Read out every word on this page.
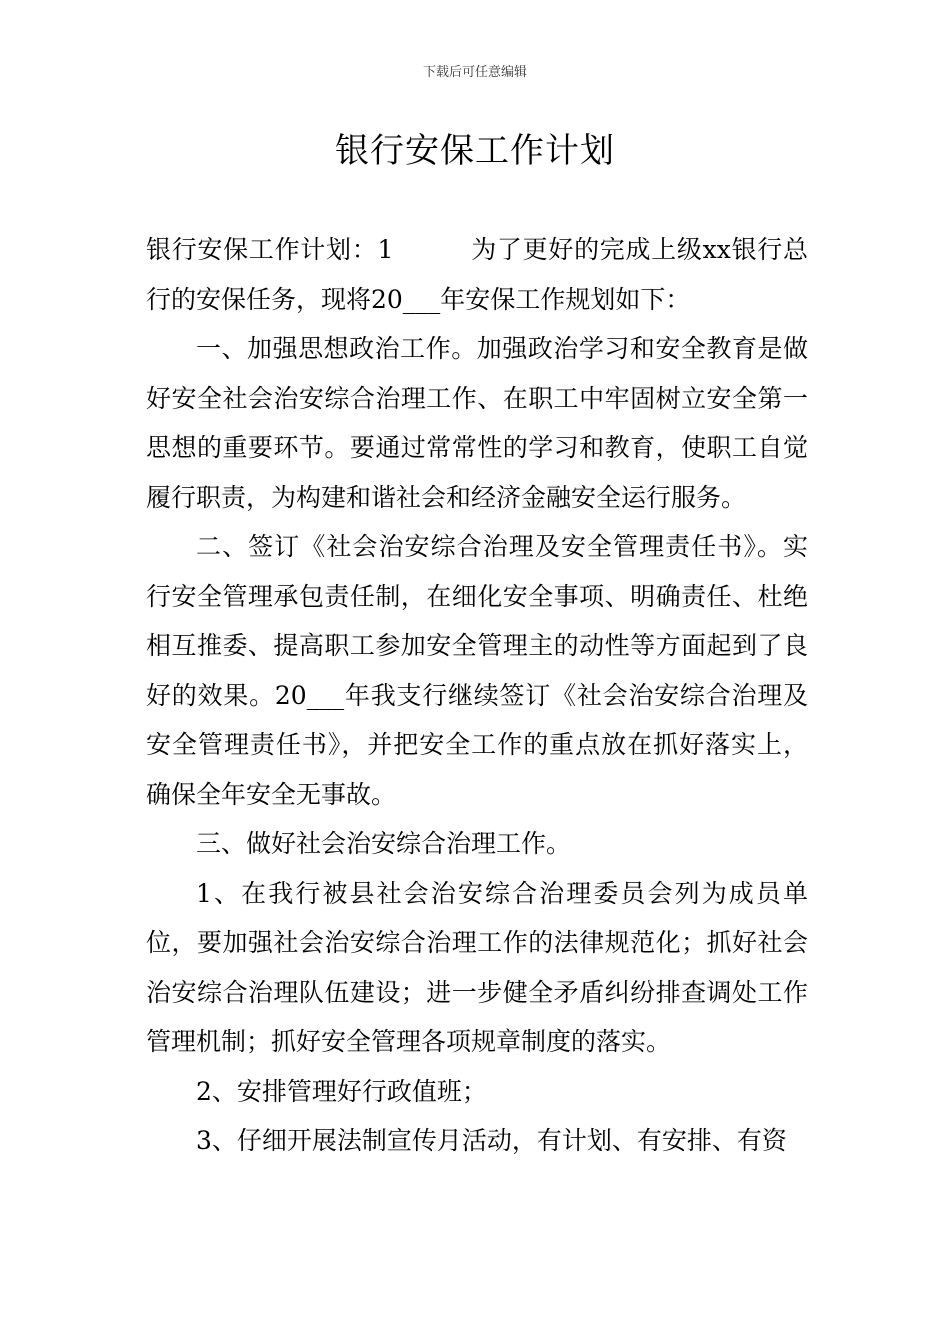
下载后可任意编辑
银行安保工作计划

银行安保工作计划：1　　　为了更好的完成上级xx银行总行的安保任务，现将20___年安保工作规划如下：

一、加强思想政治工作。加强政治学习和安全教育是做好安全社会治安综合治理工作、在职工中牢固树立安全第一思想的重要环节。要通过常常性的学习和教育，使职工自觉履行职责，为构建和谐社会和经济金融安全运行服务。

二、签订《社会治安综合治理及安全管理责任书》。实行安全管理承包责任制，在细化安全事项、明确责任、杜绝相互推委、提高职工参加安全管理主的动性等方面起到了良好的效果。20___年我支行继续签订《社会治安综合治理及安全管理责任书》，并把安全工作的重点放在抓好落实上，确保全年安全无事故。

三、做好社会治安综合治理工作。

1、在我行被县社会治安综合治理委员会列为成员单位，要加强社会治安综合治理工作的法律规范化；抓好社会治安综合治理队伍建设；进一步健全矛盾纠纷排查调处工作管理机制；抓好安全管理各项规章制度的落实。

2、安排管理好行政值班；

3、仔细开展法制宣传月活动，有计划、有安排、有资
